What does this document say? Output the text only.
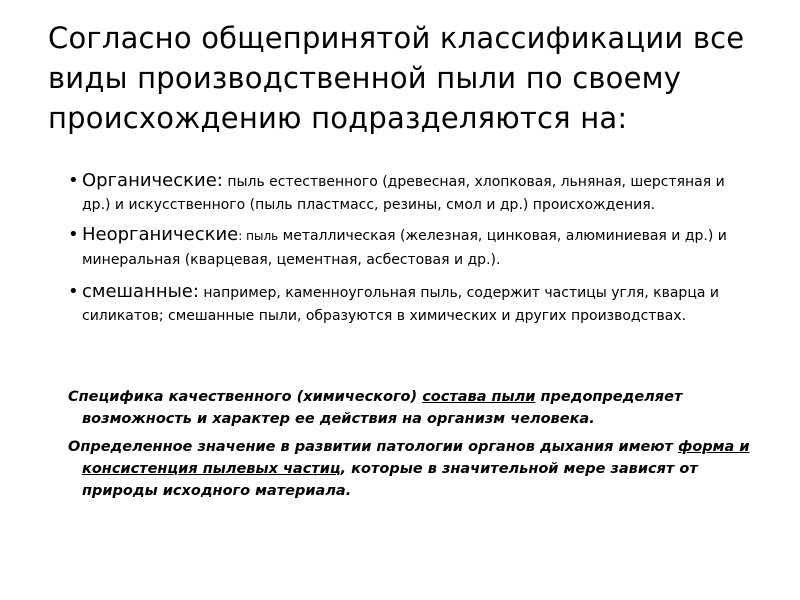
Согласно общепринятой классификации все виды производственной пыли по своему происхождению подразделяются на:

• Органические: пыль естественного (древесная, хлопковая, льняная, шерстяная и др.) и искусственного (пыль пластмасс, резины, смол и др.) происхождения.

• Неорганические: пыль металлическая (железная, цинковая, алюминиевая и др.) и минеральная (кварцевая, цементная, асбестовая и др.).

• смешанные: например, каменноугольная пыль, содержит частицы угля, кварца и силикатов; смешанные пыли, образуются в химических и других производствах.

Специфика качественного (химического) состава пыли предопределяет возможность и характер ее действия на организм человека.

Определенное значение в развитии патологии органов дыхания имеют форма и консистенция пылевых частиц, которые в значительной мере зависят от природы исходного материала.
